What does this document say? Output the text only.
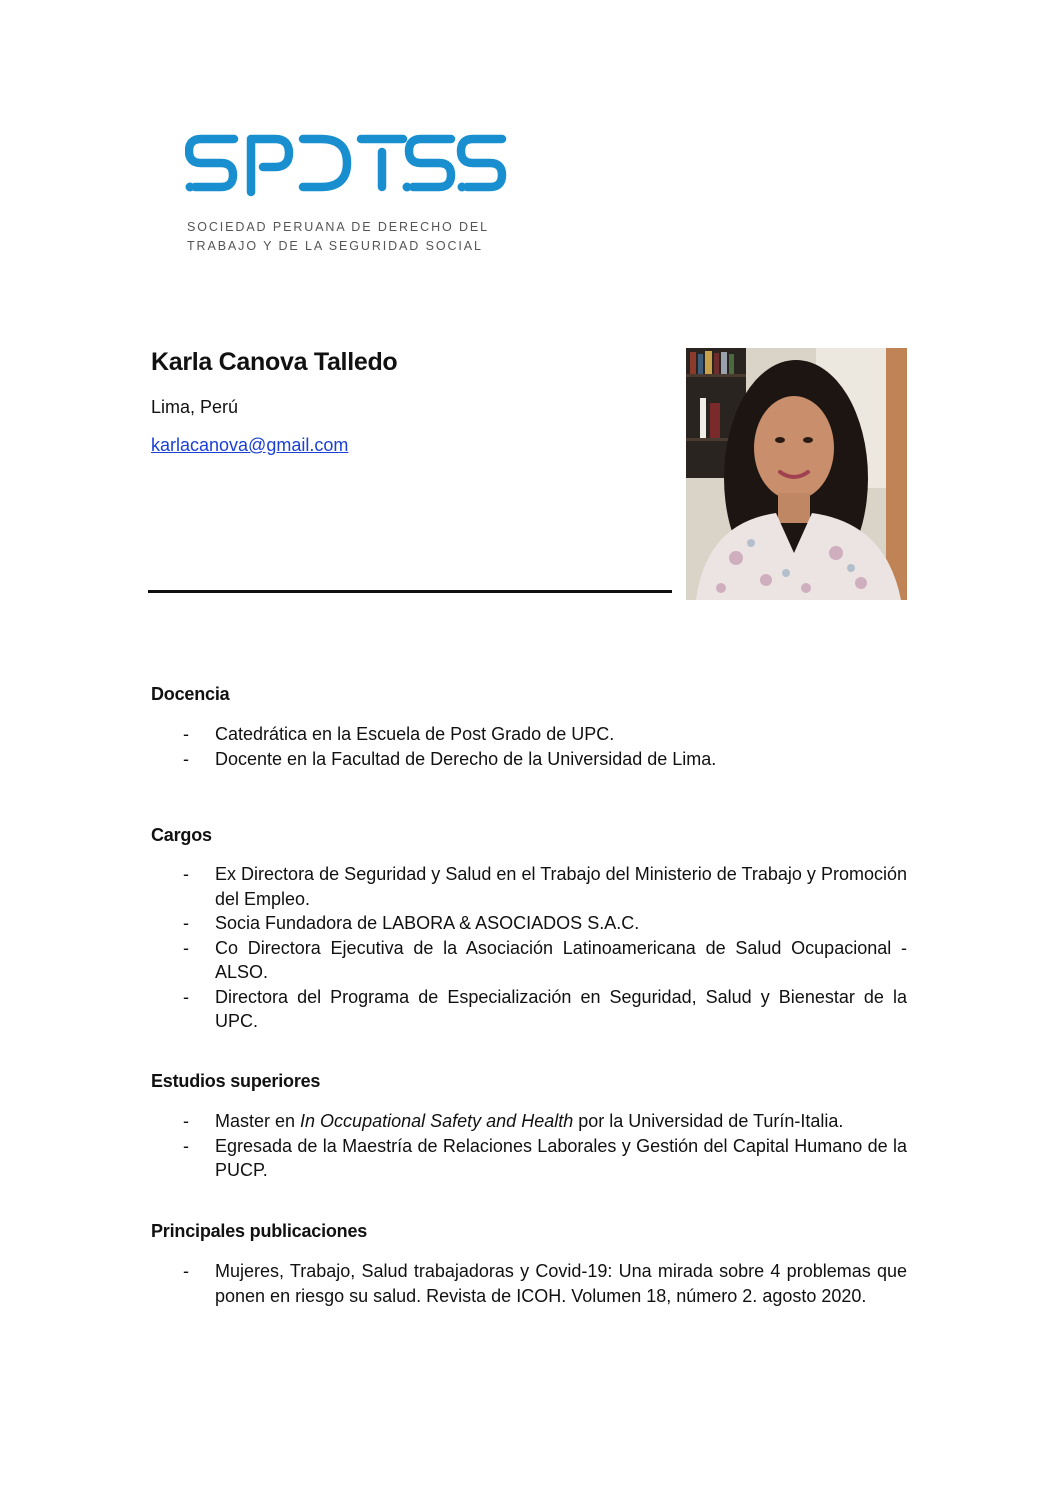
SOCIEDAD PERUANA DE DERECHO DEL
TRABAJO Y DE LA SEGURIDAD SOCIAL
Karla Canova Talledo
Lima, Perú
karlacanova@gmail.com
Docencia
- Catedrática en la Escuela de Post Grado de UPC.
- Docente en la Facultad de Derecho de la Universidad de Lima.
Cargos
- Ex Directora de Seguridad y Salud en el Trabajo del Ministerio de Trabajo y Promoción del Empleo.
- Socia Fundadora de LABORA & ASOCIADOS S.A.C.
- Co Directora Ejecutiva de la Asociación Latinoamericana de Salud Ocupacional - ALSO.
- Directora del Programa de Especialización en Seguridad, Salud y Bienestar de la UPC.
Estudios superiores
- Master en In Occupational Safety and Health por la Universidad de Turín-Italia.
- Egresada de la Maestría de Relaciones Laborales y Gestión del Capital Humano de la PUCP.
Principales publicaciones
- Mujeres, Trabajo, Salud trabajadoras y Covid-19: Una mirada sobre 4 problemas que ponen en riesgo su salud. Revista de ICOH. Volumen 18, número 2. agosto 2020.
